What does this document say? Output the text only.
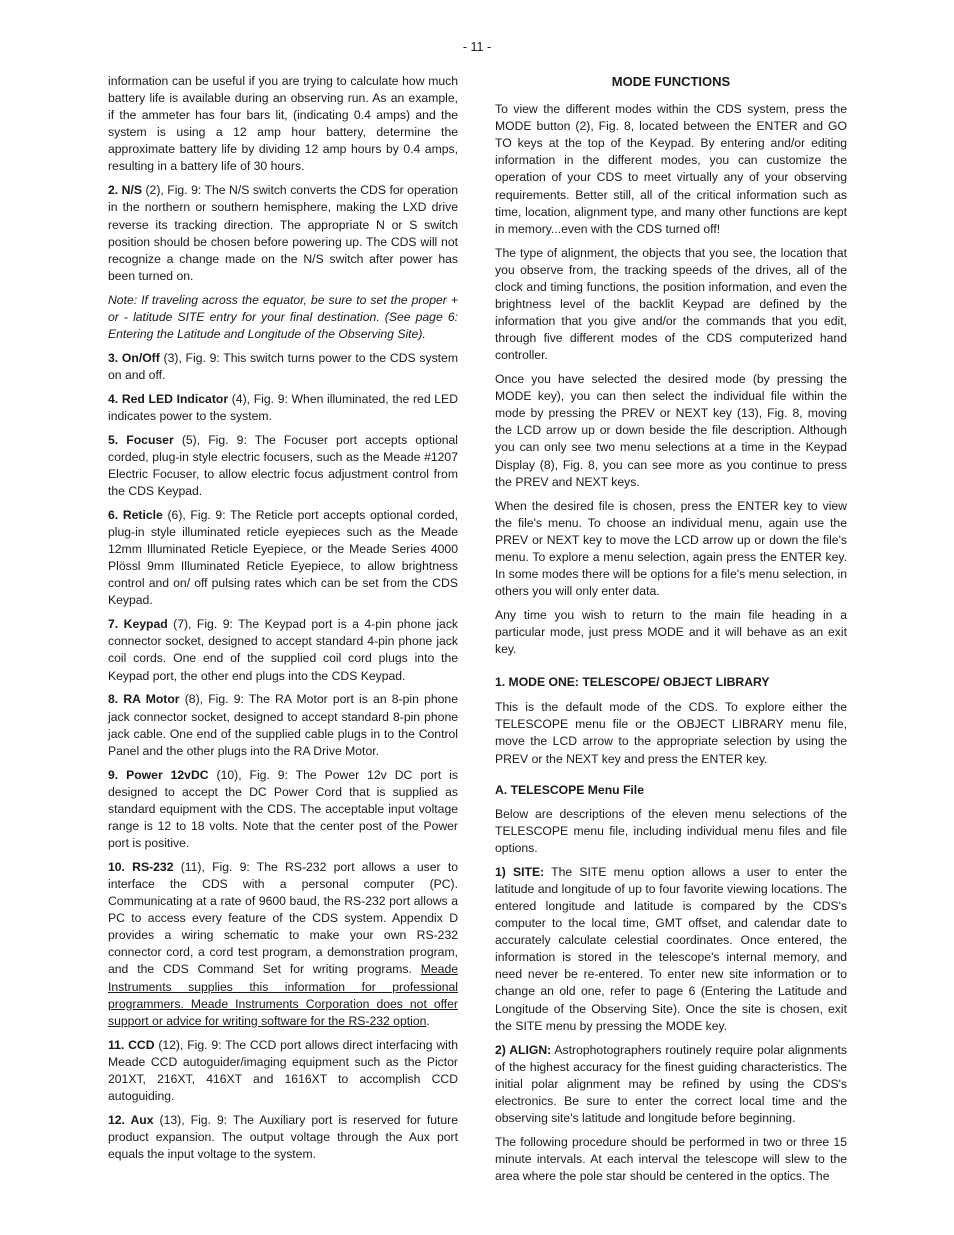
- 11 -

information can be useful if you are trying to calculate how much battery life is available during an observing run. As an example, if the ammeter has four bars lit, (indicating 0.4 amps) and the system is using a 12 amp hour battery, determine the approximate battery life by dividing 12 amp hours by 0.4 amps, resulting in a battery life of 30 hours.

2. N/S (2), Fig. 9: The N/S switch converts the CDS for operation in the northern or southern hemisphere, making the LXD drive reverse its tracking direction. The appropriate N or S switch position should be chosen before powering up. The CDS will not recognize a change made on the N/S switch after power has been turned on.

Note: If traveling across the equator, be sure to set the proper + or - latitude SITE entry for your final destination. (See page 6: Entering the Latitude and Longitude of the Observing Site).

3. On/Off (3), Fig. 9: This switch turns power to the CDS system on and off.

4. Red LED Indicator (4), Fig. 9: When illuminated, the red LED indicates power to the system.

5. Focuser (5), Fig. 9: The Focuser port accepts optional corded, plug-in style electric focusers, such as the Meade #1207 Electric Focuser, to allow electric focus adjustment control from the CDS Keypad.

6. Reticle (6), Fig. 9: The Reticle port accepts optional corded, plug-in style illuminated reticle eyepieces such as the Meade 12mm Illuminated Reticle Eyepiece, or the Meade Series 4000 Plössl 9mm Illuminated Reticle Eyepiece, to allow brightness control and on/ off pulsing rates which can be set from the CDS Keypad.

7. Keypad (7), Fig. 9: The Keypad port is a 4-pin phone jack connector socket, designed to accept standard 4-pin phone jack coil cords. One end of the supplied coil cord plugs into the Keypad port, the other end plugs into the CDS Keypad.

8. RA Motor (8), Fig. 9: The RA Motor port is an 8-pin phone jack connector socket, designed to accept standard 8-pin phone jack cable. One end of the supplied cable plugs in to the Control Panel and the other plugs into the RA Drive Motor.

9. Power 12vDC (10), Fig. 9: The Power 12v DC port is designed to accept the DC Power Cord that is supplied as standard equipment with the CDS. The acceptable input voltage range is 12 to 18 volts. Note that the center post of the Power port is positive.

10. RS-232 (11), Fig. 9: The RS-232 port allows a user to interface the CDS with a personal computer (PC). Communicating at a rate of 9600 baud, the RS-232 port allows a PC to access every feature of the CDS system. Appendix D provides a wiring schematic to make your own RS-232 connector cord, a cord test program, a demonstration program, and the CDS Command Set for writing programs. Meade Instruments supplies this information for professional programmers. Meade Instruments Corporation does not offer support or advice for writing software for the RS-232 option.

11. CCD (12), Fig. 9: The CCD port allows direct interfacing with Meade CCD autoguider/imaging equipment such as the Pictor 201XT, 216XT, 416XT and 1616XT to accomplish CCD autoguiding.

12. Aux (13), Fig. 9: The Auxiliary port is reserved for future product expansion. The output voltage through the Aux port equals the input voltage to the system.

MODE FUNCTIONS

To view the different modes within the CDS system, press the MODE button (2), Fig. 8, located between the ENTER and GO TO keys at the top of the Keypad. By entering and/or editing information in the different modes, you can customize the operation of your CDS to meet virtually any of your observing requirements. Better still, all of the critical information such as time, location, alignment type, and many other functions are kept in memory...even with the CDS turned off!

The type of alignment, the objects that you see, the location that you observe from, the tracking speeds of the drives, all of the clock and timing functions, the position information, and even the brightness level of the backlit Keypad are defined by the information that you give and/or the commands that you edit, through five different modes of the CDS computerized hand controller.

Once you have selected the desired mode (by pressing the MODE key), you can then select the individual file within the mode by pressing the PREV or NEXT key (13), Fig. 8, moving the LCD arrow up or down beside the file description. Although you can only see two menu selections at a time in the Keypad Display (8), Fig. 8, you can see more as you continue to press the PREV and NEXT keys.

When the desired file is chosen, press the ENTER key to view the file's menu. To choose an individual menu, again use the PREV or NEXT key to move the LCD arrow up or down the file's menu. To explore a menu selection, again press the ENTER key. In some modes there will be options for a file's menu selection, in others you will only enter data.

Any time you wish to return to the main file heading in a particular mode, just press MODE and it will behave as an exit key.

1. MODE ONE: TELESCOPE/ OBJECT LIBRARY

This is the default mode of the CDS. To explore either the TELESCOPE menu file or the OBJECT LIBRARY menu file, move the LCD arrow to the appropriate selection by using the PREV or the NEXT key and press the ENTER key.

A. TELESCOPE Menu File

Below are descriptions of the eleven menu selections of the TELESCOPE menu file, including individual menu files and file options.

1) SITE: The SITE menu option allows a user to enter the latitude and longitude of up to four favorite viewing locations. The entered longitude and latitude is compared by the CDS's computer to the local time, GMT offset, and calendar date to accurately calculate celestial coordinates. Once entered, the information is stored in the telescope's internal memory, and need never be re-entered. To enter new site information or to change an old one, refer to page 6 (Entering the Latitude and Longitude of the Observing Site). Once the site is chosen, exit the SITE menu by pressing the MODE key.

2) ALIGN: Astrophotographers routinely require polar alignments of the highest accuracy for the finest guiding characteristics. The initial polar alignment may be refined by using the CDS's electronics. Be sure to enter the correct local time and the observing site's latitude and longitude before beginning.

The following procedure should be performed in two or three 15 minute intervals. At each interval the telescope will slew to the area where the pole star should be centered in the optics. The
